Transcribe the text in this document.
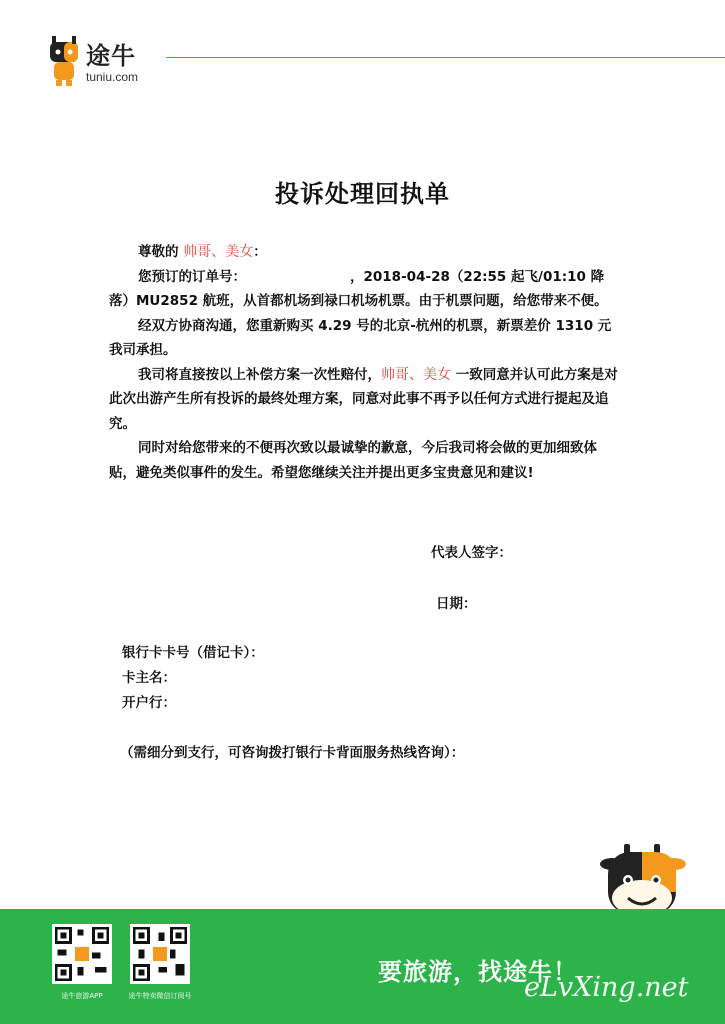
途牛
tuniu.com
投诉处理回执单

尊敬的 帅哥、美女：

您预订的订单号：	，2018-04-28（22:55 起飞/01:10 降落）MU2852 航班，从首都机场到禄口机场机票。由于机票问题，给您带来不便。

经双方协商沟通，您重新购买 4.29 号的北京-杭州的机票，新票差价 1310 元我司承担。

我司将直接按以上补偿方案一次性赔付，帅哥、美女 一致同意并认可此方案是对此次出游产生所有投诉的最终处理方案，同意对此事不再予以任何方式进行提起及追究。

同时对给您带来的不便再次致以最诚挚的歉意，今后我司将会做的更加细致体贴，避免类似事件的发生。希望您继续关注并提出更多宝贵意见和建议!

代表人签字：
日期：

银行卡卡号（借记卡）：

卡主名：

开户行：

（需细分到支行，可咨询拨打银行卡背面服务热线咨询）：
途牛旅游APP	途牛特卖微信订阅号
要旅游，找途牛！
eLvXing.net
